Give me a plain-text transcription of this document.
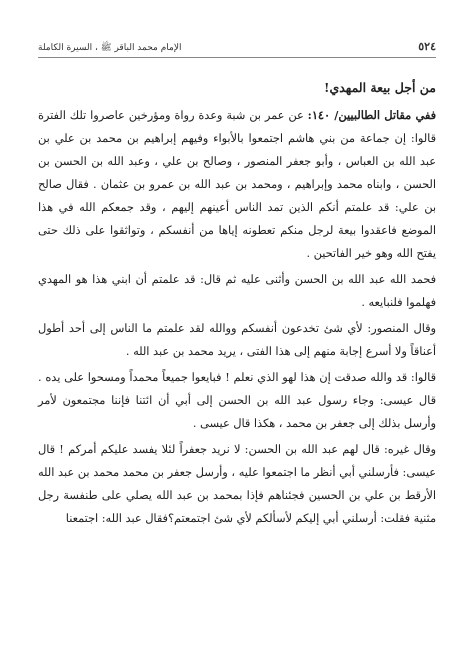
٥٢٤
الإمام محمد الباقر ﷺ ، السيرة الكاملة
من أجل بيعة المهدي!

ففي مقاتل الطالبيين/ ١٤٠: عن عمر بن شبة وعدة رواة ومؤرخين عاصروا تلك الفترة قالوا: إن جماعة من بني هاشم اجتمعوا بالأبواء وفيهم إبراهيم بن محمد بن علي بن عبد الله بن العباس ، وأبو جعفر المنصور ، وصالح بن علي ، وعبد الله بن الحسن بن الحسن ، وابناه محمد وإبراهيم ، ومحمد بن عبد الله بن عمرو بن عثمان . فقال صالح بن علي: قد علمتم أنكم الذين تمد الناس أعينهم إليهم ، وقد جمعكم الله في هذا الموضع فاعقدوا بيعة لرجل منكم تعطونه إياها من أنفسكم ، وتواثقوا على ذلك حتى يفتح الله وهو خير الفاتحين .

فحمد الله عبد الله بن الحسن وأثنى عليه ثم قال: قد علمتم أن ابني هذا هو المهدي فهلموا فلنبايعه .

وقال المنصور: لأي شئ تخدعون أنفسكم ووالله لقد علمتم ما الناس إلى أحد أطول أعناقاً ولا أسرع إجابة منهم إلى هذا الفتى ، يريد محمد بن عبد الله .

قالوا: قد والله صدقت إن هذا لهو الذي نعلم ! فبايعوا جميعاً محمداً ومسحوا على يده . قال عيسى: وجاء رسول عبد الله بن الحسن إلى أبي أن ائتنا فإننا مجتمعون لأمر وأرسل بذلك إلى جعفر بن محمد ، هكذا قال عيسى .

وقال غيره: قال لهم عبد الله بن الحسن: لا نريد جعفراً لئلا يفسد عليكم أمركم ! قال عيسى: فأرسلني أبي أنظر ما اجتمعوا عليه ، وأرسل جعفر بن محمد محمد بن عبد الله الأرقط بن علي بن الحسين فجئناهم فإذا بمحمد بن عبد الله يصلي على طنفسة رجل مثنية فقلت: أرسلني أبي إليكم لأسألكم لأي شئ اجتمعتم؟فقال عبد الله: اجتمعنا
